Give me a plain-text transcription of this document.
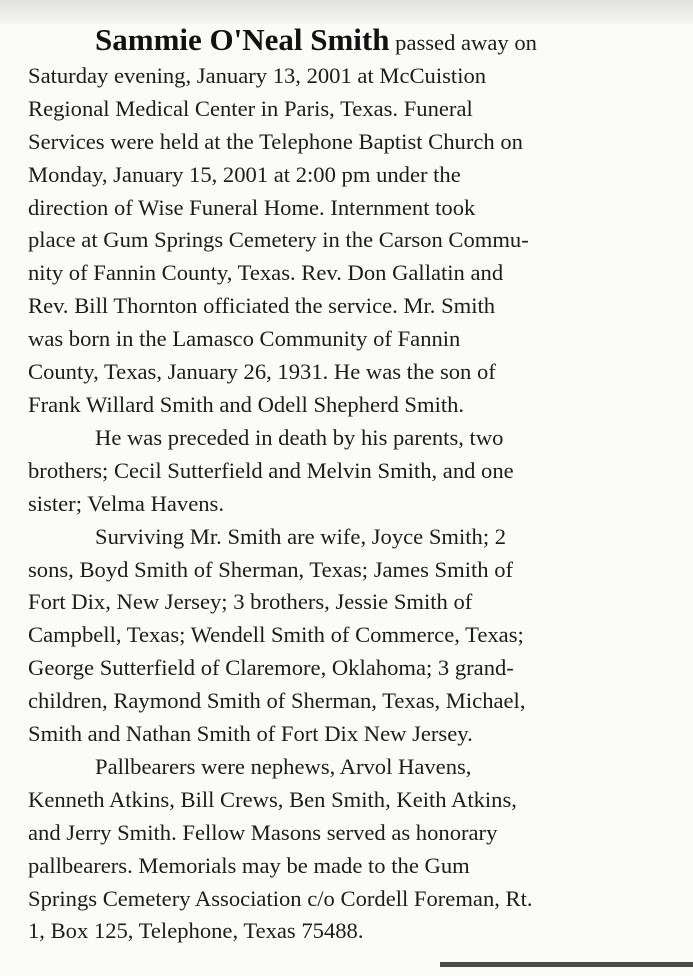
Sammie O'Neal Smith passed away on
Saturday evening, January 13, 2001 at McCuistion
Regional Medical Center in Paris, Texas. Funeral
Services were held at the Telephone Baptist Church on
Monday, January 15, 2001 at 2:00 pm under the
direction of Wise Funeral Home. Internment took
place at Gum Springs Cemetery in the Carson Commu-
nity of Fannin County, Texas. Rev. Don Gallatin and
Rev. Bill Thornton officiated the service. Mr. Smith
was born in the Lamasco Community of Fannin
County, Texas, January 26, 1931. He was the son of
Frank Willard Smith and Odell Shepherd Smith.

He was preceded in death by his parents, two
brothers; Cecil Sutterfield and Melvin Smith, and one
sister; Velma Havens.

Surviving Mr. Smith are wife, Joyce Smith; 2
sons, Boyd Smith of Sherman, Texas; James Smith of
Fort Dix, New Jersey; 3 brothers, Jessie Smith of
Campbell, Texas; Wendell Smith of Commerce, Texas;
George Sutterfield of Claremore, Oklahoma; 3 grand-
children, Raymond Smith of Sherman, Texas, Michael,
Smith and Nathan Smith of Fort Dix New Jersey.

Pallbearers were nephews, Arvol Havens,
Kenneth Atkins, Bill Crews, Ben Smith, Keith Atkins,
and Jerry Smith. Fellow Masons served as honorary
pallbearers. Memorials may be made to the Gum
Springs Cemetery Association c/o Cordell Foreman, Rt.
1, Box 125, Telephone, Texas 75488.
